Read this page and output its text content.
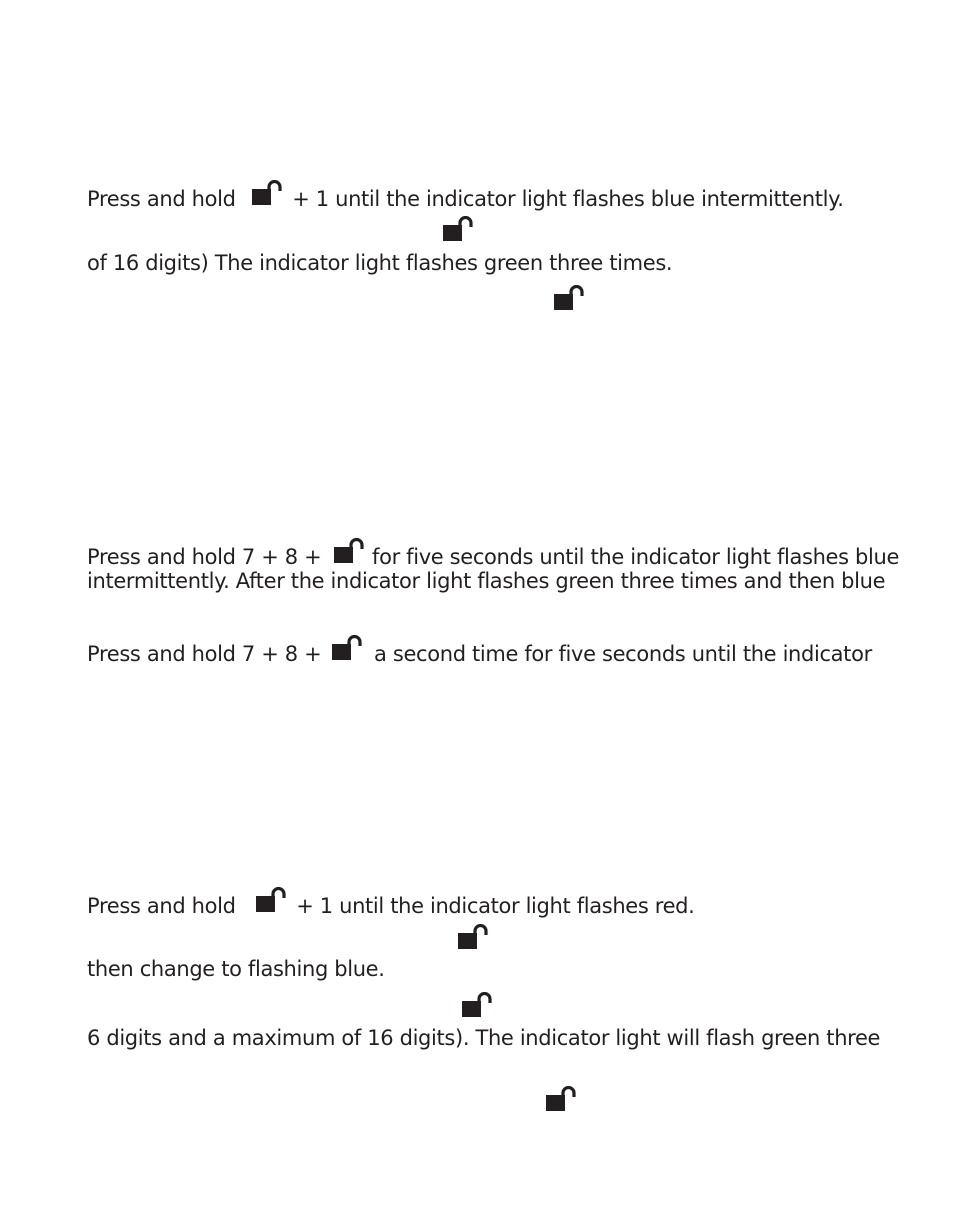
Press and hold	+ 1 until the indicator light flashes blue intermittently.
of 16 digits) The indicator light flashes green three times.
Press and hold 7 + 8 + for five seconds until the indicator light flashes blue
intermittently. After the indicator light flashes green three times and then blue
Press and hold 7 + 8 +	a second time for five seconds until the indicator
Press and hold	+ 1 until the indicator light flashes red.
then change to flashing blue.
6 digits and a maximum of 16 digits). The indicator light will flash green three
